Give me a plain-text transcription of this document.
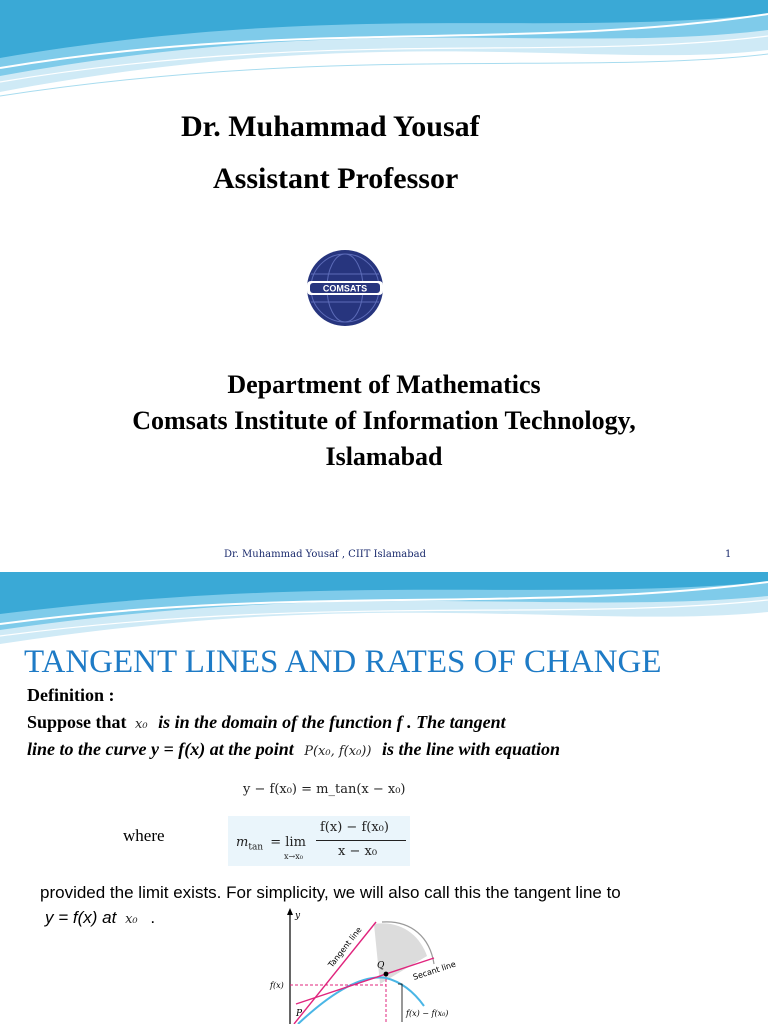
Dr. Muhammad Yousaf
Assistant Professor
COMSATS
Department of Mathematics
Comsats Institute of Information Technology,
Islamabad
Dr. Muhammad Yousaf , CIIT Islamabad	1
TANGENT LINES AND RATES OF CHANGE
Definition :
Suppose that x₀ is in the domain of the function f . The tangent
line to the curve y = f(x) at the point P(x₀, f(x₀)) is the line with equation
y − f(x₀) = m_tan(x − x₀)
where	$m_{tan} = \lim$
x→x₀
f(x) − f(x₀)
x − x₀
provided the limit exists. For simplicity, we will also call this the tangent line to
y = f(x) at x₀ .	y
Tangent line
Secant line
f(x)
Q
P	f(x) − f(x₀)
